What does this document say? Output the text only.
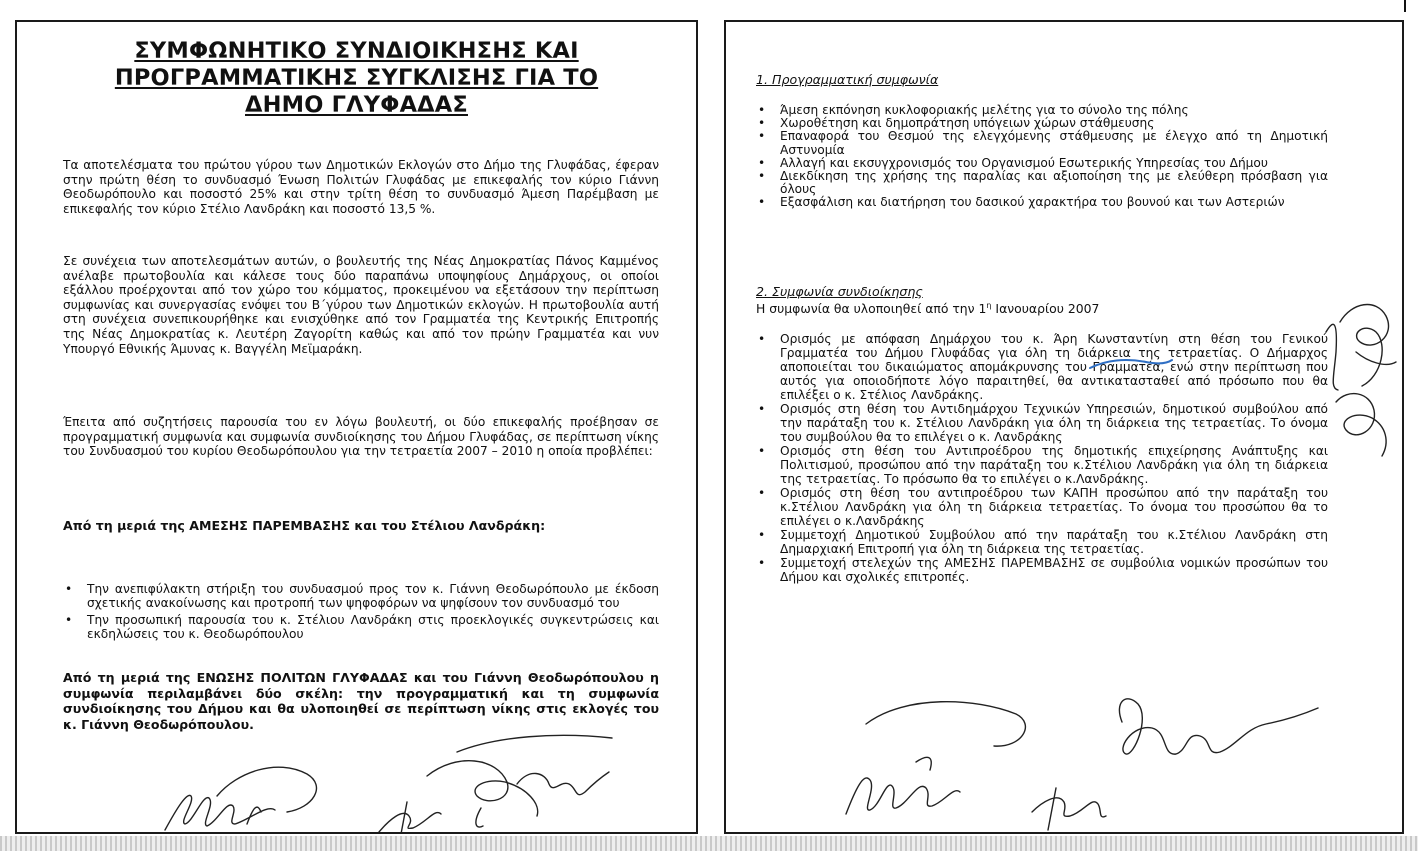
ΣΥΜΦΩΝΗΤΙΚΟ ΣΥΝΔΙΟΙΚΗΣΗΣ ΚΑΙ
ΠΡΟΓΡΑΜΜΑΤΙΚΗΣ ΣΥΓΚΛΙΣΗΣ ΓΙΑ ΤΟ
ΔΗΜΟ ΓΛΥΦΑΔΑΣ
Τα αποτελέσματα του πρώτου γύρου των Δημοτικών Εκλογών στο Δήμο της Γλυφάδας, έφεραν στην πρώτη θέση το συνδυασμό Ένωση Πολιτών Γλυφάδας με επικεφαλής τον κύριο Γιάννη Θεοδωρόπουλο και ποσοστό 25% και στην τρίτη θέση το συνδυασμό Άμεση Παρέμβαση με επικεφαλής τον κύριο Στέλιο Λανδράκη και ποσοστό 13,5 %.
Σε συνέχεια των αποτελεσμάτων αυτών, ο βουλευτής της Νέας Δημοκρατίας Πάνος Καμμένος ανέλαβε πρωτοβουλία και κάλεσε τους δύο παραπάνω υποψηφίους Δημάρχους, οι οποίοι εξάλλου προέρχονται από τον χώρο του κόμματος, προκειμένου να εξετάσουν την περίπτωση συμφωνίας και συνεργασίας ενόψει του Β΄γύρου των Δημοτικών εκλογών. Η πρωτοβουλία αυτή στη συνέχεια συνεπικουρήθηκε και ενισχύθηκε από τον Γραμματέα της Κεντρικής Επιτροπής της Νέας Δημοκρατίας κ. Λευτέρη Ζαγορίτη καθώς και από τον πρώην Γραμματέα και νυν Υπουργό Εθνικής Άμυνας κ. Βαγγέλη Μεϊμαράκη.
Έπειτα από συζητήσεις παρουσία του εν λόγω βουλευτή, οι δύο επικεφαλής προέβησαν σε προγραμματική συμφωνία και συμφωνία συνδιοίκησης του Δήμου Γλυφάδας, σε περίπτωση νίκης του Συνδυασμού του κυρίου Θεοδωρόπουλου για την τετραετία 2007 – 2010 η οποία προβλέπει:
Από τη μεριά της ΑΜΕΣΗΣ ΠΑΡΕΜΒΑΣΗΣ και του Στέλιου Λανδράκη:
• Την ανεπιφύλακτη στήριξη του συνδυασμού προς τον κ. Γιάννη Θεοδωρόπουλο με έκδοση σχετικής ανακοίνωσης και προτροπή των ψηφοφόρων να ψηφίσουν τον συνδυασμό του
• Την προσωπική παρουσία του κ. Στέλιου Λανδράκη στις προεκλογικές συγκεντρώσεις και εκδηλώσεις του κ. Θεοδωρόπουλου
Από τη μεριά της ΕΝΩΣΗΣ ΠΟΛΙΤΩΝ ΓΛΥΦΑΔΑΣ και του Γιάννη Θεοδωρόπουλου η συμφωνία περιλαμβάνει δύο σκέλη: την προγραμματική και τη συμφωνία συνδιοίκησης του Δήμου και θα υλοποιηθεί σε περίπτωση νίκης στις εκλογές του κ. Γιάννη Θεοδωρόπουλου.
1. Προγραμματική συμφωνία
• Άμεση εκπόνηση κυκλοφοριακής μελέτης για το σύνολο της πόλης
• Χωροθέτηση και δημοπράτηση υπόγειων χώρων στάθμευσης
• Επαναφορά του Θεσμού της ελεγχόμενης στάθμευσης με έλεγχο από τη Δημοτική Αστυνομία
• Αλλαγή και εκσυγχρονισμός του Οργανισμού Εσωτερικής Υπηρεσίας του Δήμου
• Διεκδίκηση της χρήσης της παραλίας και αξιοποίηση της με ελεύθερη πρόσβαση για όλους
• Εξασφάλιση και διατήρηση του δασικού χαρακτήρα του βουνού και των Αστεριών
2. Συμφωνία συνδιοίκησης
Η συμφωνία θα υλοποιηθεί από την $1^\eta$ Ιανουαρίου 2007
• Ορισμός με απόφαση Δημάρχου του κ. Άρη Κωνσταντίνη στη θέση του Γενικού Γραμματέα του Δήμου Γλυφάδας για όλη τη διάρκεια της τετραετίας. Ο Δήμαρχος αποποιείται του δικαιώματος απομάκρυνσης του Γραμματέα, ενώ στην περίπτωση που αυτός για οποιοδήποτε λόγο παραιτηθεί, θα αντικατασταθεί από πρόσωπο που θα επιλέξει ο κ. Στέλιος Λανδράκης.
• Ορισμός στη θέση του Αντιδημάρχου Τεχνικών Υπηρεσιών, δημοτικού συμβούλου από την παράταξη του κ. Στέλιου Λανδράκη για όλη τη διάρκεια της τετραετίας. Το όνομα του συμβούλου θα το επιλέγει ο κ. Λανδράκης
• Ορισμός στη θέση του Αντιπροέδρου της δημοτικής επιχείρησης Ανάπτυξης και Πολιτισμού, προσώπου από την παράταξη του κ.Στέλιου Λανδράκη για όλη τη διάρκεια της τετραετίας. Το πρόσωπο θα το επιλέγει ο κ.Λανδράκης.
• Ορισμός στη θέση του αντιπροέδρου των ΚΑΠΗ προσώπου από την παράταξη του κ.Στέλιου Λανδράκη για όλη τη διάρκεια τετραετίας. Το όνομα του προσώπου θα το επιλέγει ο κ.Λανδράκης
• Συμμετοχή Δημοτικού Συμβούλου από την παράταξη του κ.Στέλιου Λανδράκη στη Δημαρχιακή Επιτροπή για όλη τη διάρκεια της τετραετίας.
• Συμμετοχή στελεχών της ΑΜΕΣΗΣ ΠΑΡΕΜΒΑΣΗΣ σε συμβούλια νομικών προσώπων του Δήμου και σχολικές επιτροπές.
